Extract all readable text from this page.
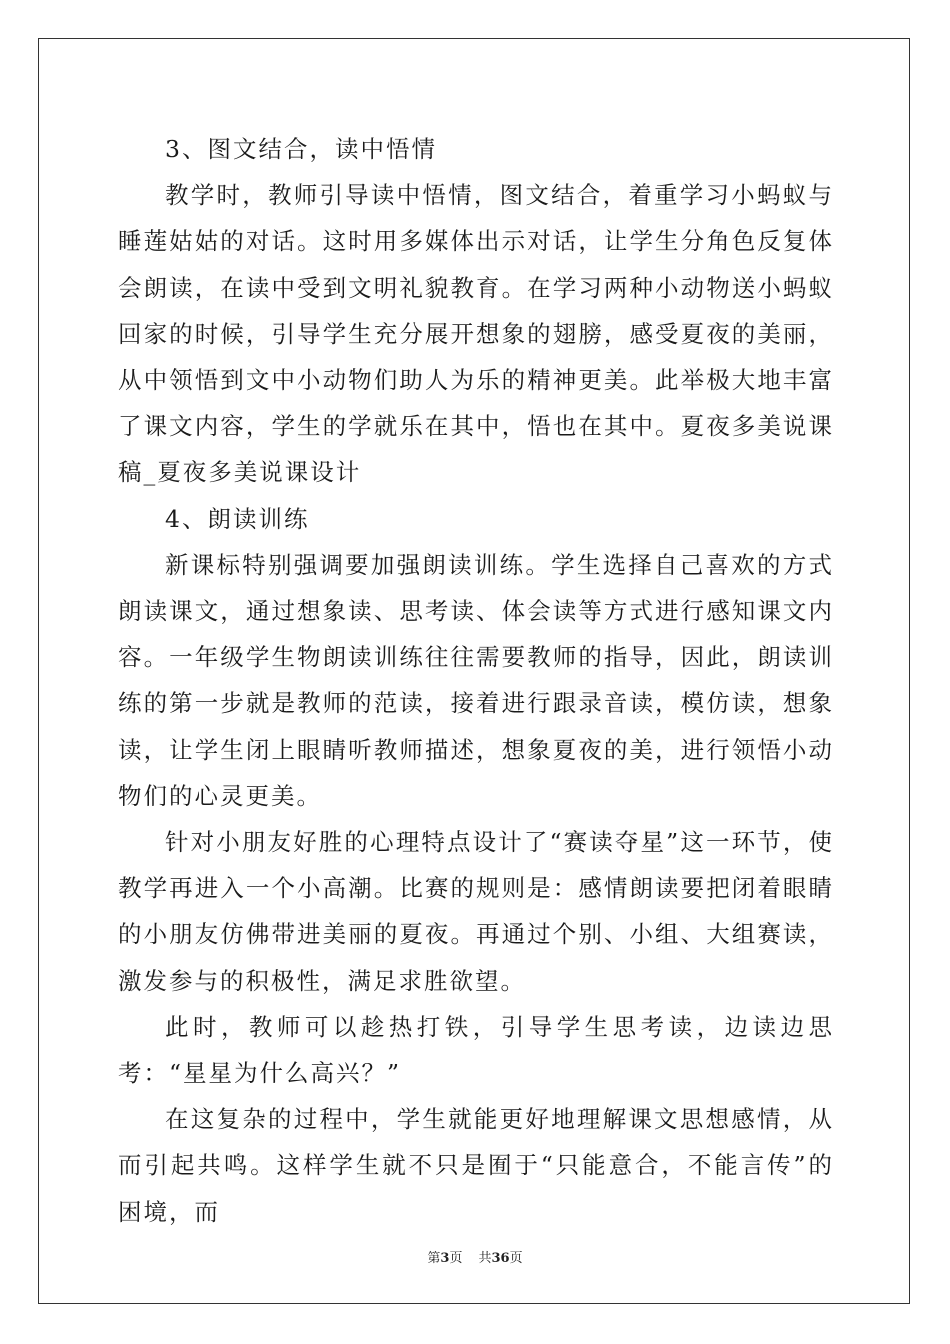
3、图文结合，读中悟情

教学时，教师引导读中悟情，图文结合，着重学习小蚂蚁与睡莲姑姑的对话。这时用多媒体出示对话，让学生分角色反复体会朗读，在读中受到文明礼貌教育。在学习两种小动物送小蚂蚁回家的时候，引导学生充分展开想象的翅膀，感受夏夜的美丽，从中领悟到文中小动物们助人为乐的精神更美。此举极大地丰富了课文内容，学生的学就乐在其中，悟也在其中。夏夜多美说课稿_夏夜多美说课设计

4、朗读训练

新课标特别强调要加强朗读训练。学生选择自己喜欢的方式朗读课文，通过想象读、思考读、体会读等方式进行感知课文内容。一年级学生物朗读训练往往需要教师的指导，因此，朗读训练的第一步就是教师的范读，接着进行跟录音读，模仿读，想象读，让学生闭上眼睛听教师描述，想象夏夜的美，进行领悟小动物们的心灵更美。

针对小朋友好胜的心理特点设计了“赛读夺星”这一环节，使教学再进入一个小高潮。比赛的规则是：感情朗读要把闭着眼睛的小朋友仿佛带进美丽的夏夜。再通过个别、小组、大组赛读，激发参与的积极性，满足求胜欲望。

此时，教师可以趁热打铁，引导学生思考读，边读边思考：“星星为什么高兴？”

在这复杂的过程中，学生就能更好地理解课文思想感情，从而引起共鸣。这样学生就不只是囿于“只能意合，不能言传”的困境，而

第3页 共36页
